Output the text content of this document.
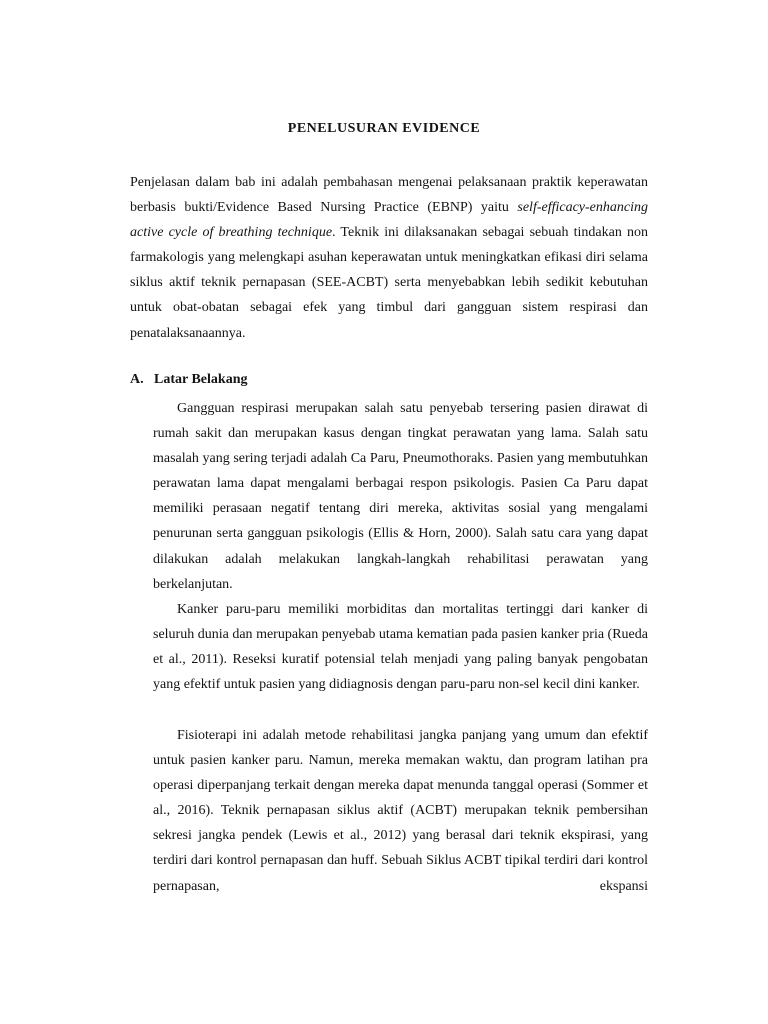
PENELUSURAN EVIDENCE

Penjelasan dalam bab ini adalah pembahasan mengenai pelaksanaan praktik keperawatan berbasis bukti/Evidence Based Nursing Practice (EBNP) yaitu self-efficacy-enhancing active cycle of breathing technique. Teknik ini dilaksanakan sebagai sebuah tindakan non farmakologis yang melengkapi asuhan keperawatan untuk meningkatkan efikasi diri selama siklus aktif teknik pernapasan (SEE-ACBT) serta menyebabkan lebih sedikit kebutuhan untuk obat-obatan sebagai efek yang timbul dari gangguan sistem respirasi dan penatalaksanaannya.

A. Latar Belakang

Gangguan respirasi merupakan salah satu penyebab tersering pasien dirawat di rumah sakit dan merupakan kasus dengan tingkat perawatan yang lama. Salah satu masalah yang sering terjadi adalah Ca Paru, Pneumothoraks. Pasien yang membutuhkan perawatan lama dapat mengalami berbagai respon psikologis. Pasien Ca Paru dapat memiliki perasaan negatif tentang diri mereka, aktivitas sosial yang mengalami penurunan serta gangguan psikologis (Ellis & Horn, 2000). Salah satu cara yang dapat dilakukan adalah melakukan langkah-langkah rehabilitasi perawatan yang berkelanjutan.

Kanker paru-paru memiliki morbiditas dan mortalitas tertinggi dari kanker di seluruh dunia dan merupakan penyebab utama kematian pada pasien kanker pria (Rueda et al., 2011). Reseksi kuratif potensial telah menjadi yang paling banyak pengobatan yang efektif untuk pasien yang didiagnosis dengan paru-paru non-sel kecil dini kanker.

Fisioterapi ini adalah metode rehabilitasi jangka panjang yang umum dan efektif untuk pasien kanker paru. Namun, mereka memakan waktu, dan program latihan pra operasi diperpanjang terkait dengan mereka dapat menunda tanggal operasi (Sommer et al., 2016). Teknik pernapasan siklus aktif (ACBT) merupakan teknik pembersihan sekresi jangka pendek (Lewis et al., 2012) yang berasal dari teknik ekspirasi, yang terdiri dari kontrol pernapasan dan huff. Sebuah Siklus ACBT tipikal terdiri dari kontrol pernapasan, ekspansi
